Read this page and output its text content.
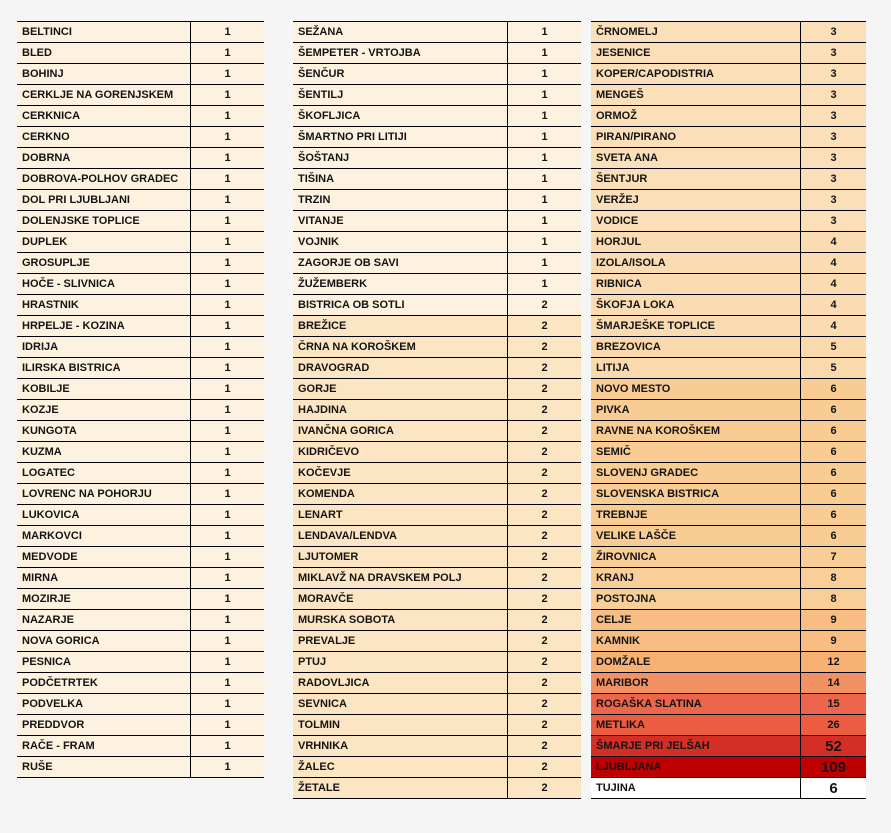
BELTINCI	1
BLED	1
BOHINJ	1
CERKLJE NA GORENJSKEM	1
CERKNICA	1
CERKNO	1
DOBRNA	1
DOBROVA-POLHOV GRADEC	1
DOL PRI LJUBLJANI	1
DOLENJSKE TOPLICE	1
DUPLEK	1
GROSUPLJE	1
HOČE - SLIVNICA	1
HRASTNIK	1
HRPELJE - KOZINA	1
IDRIJA	1
ILIRSKA BISTRICA	1
KOBILJE	1
KOZJE	1
KUNGOTA	1
KUZMA	1
LOGATEC	1
LOVRENC NA POHORJU	1
LUKOVICA	1
MARKOVCI	1
MEDVODE	1
MIRNA	1
MOZIRJE	1
NAZARJE	1
NOVA GORICA	1
PESNICA	1
PODČETRTEK	1
PODVELKA	1
PREDDVOR	1
RAČE - FRAM	1
RUŠE	1
SEŽANA	1
ŠEMPETER - VRTOJBA	1
ŠENČUR	1
ŠENTILJ	1
ŠKOFLJICA	1
ŠMARTNO PRI LITIJI	1
ŠOŠTANJ	1
TIŠINA	1
TRZIN	1
VITANJE	1
VOJNIK	1
ZAGORJE OB SAVI	1
ŽUŽEMBERK	1
BISTRICA OB SOTLI	2
BREŽICE	2
ČRNA NA KOROŠKEM	2
DRAVOGRAD	2
GORJE	2
HAJDINA	2
IVANČNA GORICA	2
KIDRIČEVO	2
KOČEVJE	2
KOMENDA	2
LENART	2
LENDAVA/LENDVA	2
LJUTOMER	2
MIKLAVŽ NA DRAVSKEM POLJ	2
MORAVČE	2
MURSKA SOBOTA	2
PREVALJE	2
PTUJ	2
RADOVLJICA	2
SEVNICA	2
TOLMIN	2
VRHNIKA	2
ŽALEC	2
ŽETALE	2
ČRNOMELJ	3
JESENICE	3
KOPER/CAPODISTRIA	3
MENGEŠ	3
ORMOŽ	3
PIRAN/PIRANO	3
SVETA ANA	3
ŠENTJUR	3
VERŽEJ	3
VODICE	3
HORJUL	4
IZOLA/ISOLA	4
RIBNICA	4
ŠKOFJA LOKA	4
ŠMARJEŠKE TOPLICE	4
BREZOVICA	5
LITIJA	5
NOVO MESTO	6
PIVKA	6
RAVNE NA KOROŠKEM	6
SEMIČ	6
SLOVENJ GRADEC	6
SLOVENSKA BISTRICA	6
TREBNJE	6
VELIKE LAŠČE	6
ŽIROVNICA	7
KRANJ	8
POSTOJNA	8
CELJE	9
KAMNIK	9
DOMŽALE	12
MARIBOR	14
ROGAŠKA SLATINA	15
METLIKA	26
ŠMARJE PRI JELŠAH	52
LJUBLJANA	109
TUJINA	6
